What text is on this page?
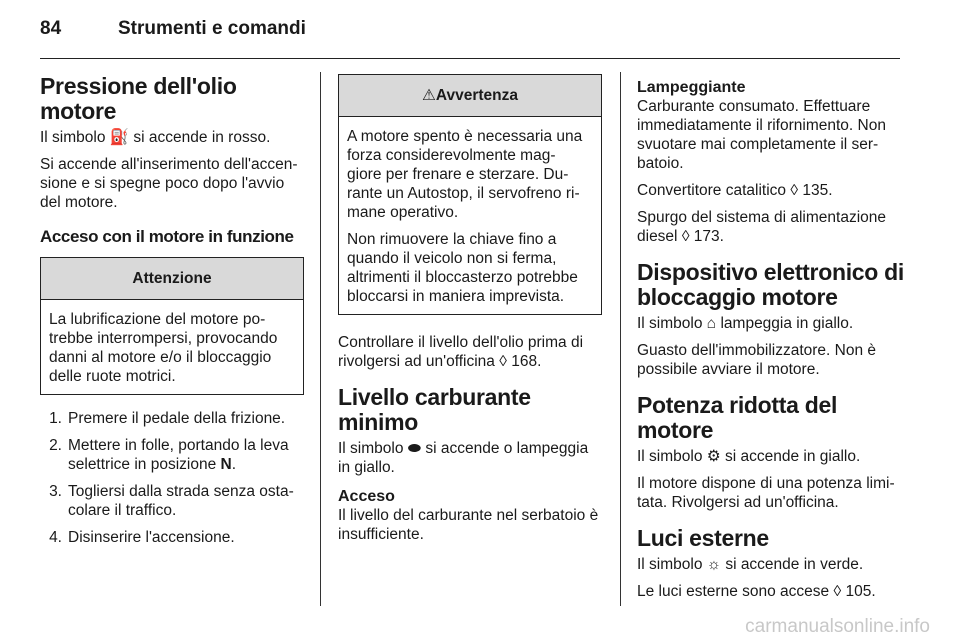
84	Strumenti e comandi
Pressione dell'olio motore

Il simbolo ⛽ si accende in rosso.

Si accende all'inserimento dell'accen- sione e si spegne poco dopo l'avvio del motore.

Acceso con il motore in funzione
Attenzione

La lubrificazione del motore po- trebbe interrompersi, provocando danni al motore e/o il bloccaggio delle ruote motrici.

1. Premere il pedale della frizione.
2. Mettere in folle, portando la leva selettrice in posizione N.
3. Togliersi dalla strada senza osta- colare il traffico.
4. Disinserire l'accensione.
⚠Avvertenza

A motore spento è necessaria una forza considerevolmente mag- giore per frenare e sterzare. Du- rante un Autostop, il servofreno ri- mane operativo.

Non rimuovere la chiave fino a quando il veicolo non si ferma, altrimenti il bloccasterzo potrebbe bloccarsi in maniera imprevista.

Controllare il livello dell'olio prima di rivolgersi ad un'officina ◊ 168.

Livello carburante minimo

Il simbolo ⬬ si accende o lampeggia in giallo.

Acceso

Il livello del carburante nel serbatoio è insufficiente.

Lampeggiante

Carburante consumato. Effettuare immediatamente il rifornimento. Non svuotare mai completamente il ser- batoio.

Convertitore catalitico ◊ 135.

Spurgo del sistema di alimentazione diesel ◊ 173.

Dispositivo elettronico di bloccaggio motore

Il simbolo ⌂ lampeggia in giallo.

Guasto dell'immobilizzatore. Non è possibile avviare il motore.

Potenza ridotta del motore

Il simbolo ⚙ si accende in giallo.

Il motore dispone di una potenza limi- tata. Rivolgersi ad un'officina.

Luci esterne

Il simbolo ☼ si accende in verde.

Le luci esterne sono accese ◊ 105.

carmanualsonline.info
